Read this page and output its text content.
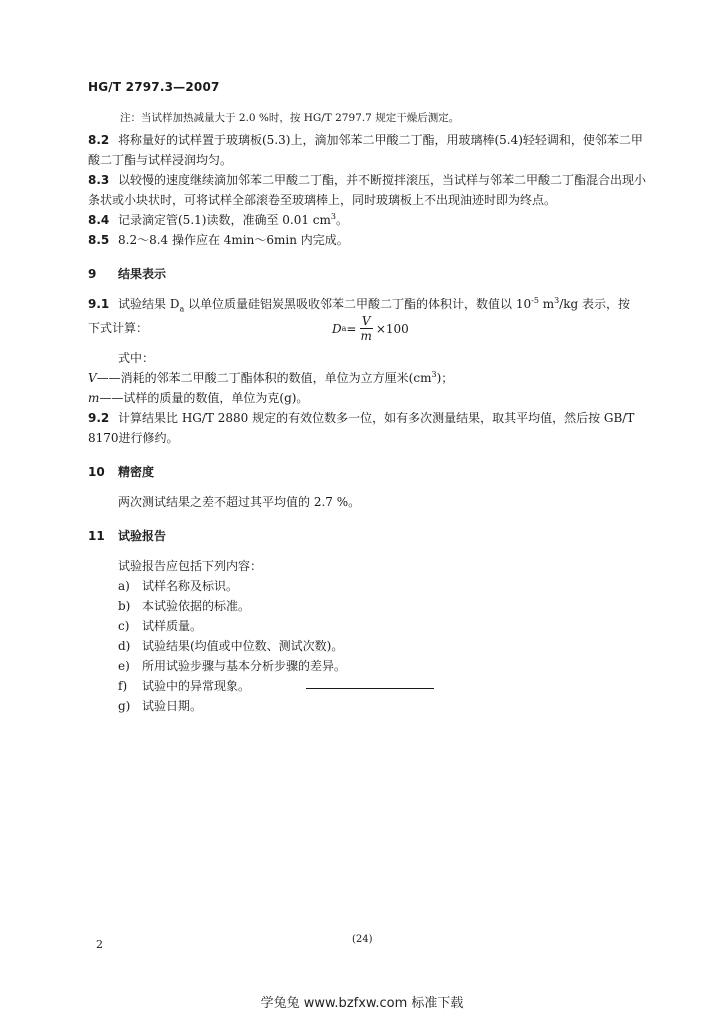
HG/T 2797.3—2007
注：当试样加热减量大于 2.0 %时，按 HG/T 2797.7 规定干燥后测定。

8.2 将称量好的试样置于玻璃板(5.3)上，滴加邻苯二甲酸二丁酯，用玻璃棒(5.4)轻轻调和，使邻苯二甲酸二丁酯与试样浸润均匀。

8.3 以较慢的速度继续滴加邻苯二甲酸二丁酯，并不断搅拌滚压，当试样与邻苯二甲酸二丁酯混合出现小条状或小块状时，可将试样全部滚卷至玻璃棒上，同时玻璃板上不出现油迹时即为终点。

8.4 记录滴定管(5.1)读数，准确至 0.01 $cm^3$。

8.5 8.2～8.4 操作应在 4min～6min 内完成。

9 结果表示

9.1 试验结果 $D_a$ 以单位质量硅铝炭黑吸收邻苯二甲酸二丁酯的体积计，数值以 $10^{-5}$ $m^3/kg$ 表示，按

下式计算：	D $a = \frac{V}{m} \times 100$
式中：
V——消耗的邻苯二甲酸二丁酯体积的数值，单位为立方厘米$(cm^3)$；
m——试样的质量的数值，单位为克(g)。

9.2 计算结果比 HG/T 2880 规定的有效位数多一位，如有多次测量结果，取其平均值，然后按 GB/T 8170进行修约。

10 精密度
两次测试结果之差不超过其平均值的 2.7 %。
11 试验报告
试验报告应包括下列内容：
a) 试样名称及标识。
b) 本试验依据的标准。
c) 试样质量。
d) 试验结果(均值或中位数、测试次数)。
e) 所用试验步骤与基本分析步骤的差异。
f) 试验中的异常现象。
g) 试验日期。
2	(24)
学兔兔 www.bzfxw.com 标准下载
